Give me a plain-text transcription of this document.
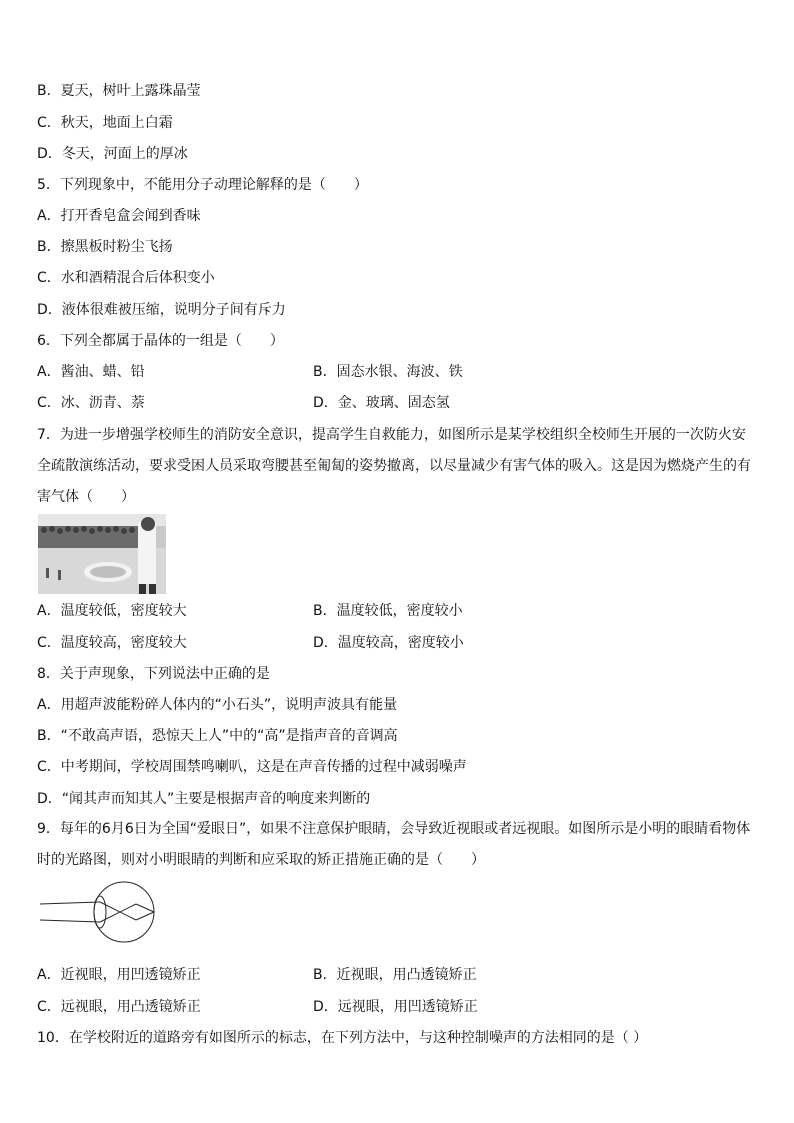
B．夏天，树叶上露珠晶莹
C．秋天，地面上白霜
D．冬天，河面上的厚冰
5．下列现象中，不能用分子动理论解释的是（　　）
A．打开香皂盒会闻到香味
B．擦黑板时粉尘飞扬
C．水和酒精混合后体积变小
D．液体很难被压缩，说明分子间有斥力
6．下列全都属于晶体的一组是（　　）
A．酱油、蜡、铅	B．固态水银、海波、铁
C．冰、沥青、萘	D．金、玻璃、固态氢
7．为进一步增强学校师生的消防安全意识，提高学生自救能力，如图所示是某学校组织全校师生开展的一次防火安全疏散演练活动，要求受困人员采取弯腰甚至匍匐的姿势撤离，以尽量减少有害气体的吸入。这是因为燃烧产生的有害气体（　　）
A．温度较低，密度较大	B．温度较低，密度较小
C．温度较高，密度较大	D．温度较高，密度较小
8．关于声现象，下列说法中正确的是
A．用超声波能粉碎人体内的“小石头”，说明声波具有能量
B．“不敢高声语，恐惊天上人”中的“高”是指声音的音调高
C．中考期间，学校周围禁鸣喇叭，这是在声音传播的过程中减弱噪声
D．“闻其声而知其人”主要是根据声音的响度来判断的
9．每年的6月6日为全国“爱眼日”，如果不注意保护眼睛，会导致近视眼或者远视眼。如图所示是小明的眼睛看物体时的光路图，则对小明眼睛的判断和应采取的矫正措施正确的是（　　）
A．近视眼，用凹透镜矫正	B．近视眼，用凸透镜矫正
C．远视眼，用凸透镜矫正	D．远视眼，用凹透镜矫正
10．在学校附近的道路旁有如图所示的标志，在下列方法中，与这种控制噪声的方法相同的是（ ）
